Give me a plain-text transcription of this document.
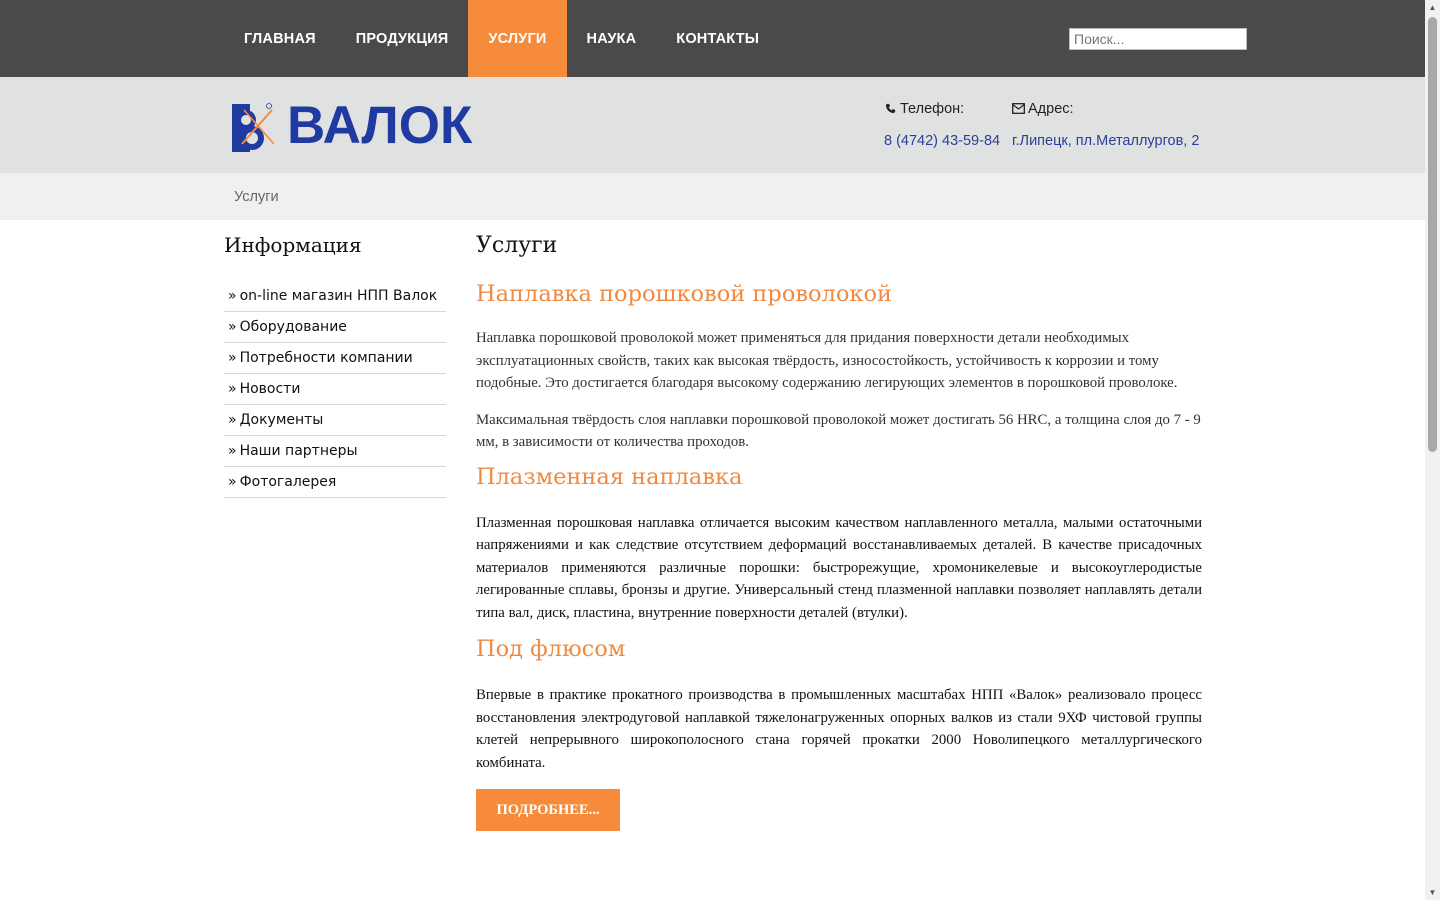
ГЛАВНАЯ	ПРОДУКЦИЯ	УСЛУГИ	НАУКА	КОНТАКТЫ
Поиск...
ВАЛОК	Телефон:
8 (4742) 43-59-84
Адрес:
г.Липецк, пл.Металлургов, 2
Услуги
Информация
» on-line магазин НПП Валок
» Оборудование
» Потребности компании
» Новости
» Документы
» Наши партнеры
» Фотогалерея
Услуги
Наплавка порошковой проволокой

Наплавка порошковой проволокой может применяться для придания поверхности детали необходимых эксплуатационных свойств, таких как высокая твёрдость, износостойкость, устойчивость к коррозии и тому подобные. Это достигается благодаря высокому содержанию легирующих элементов в порошковой проволоке.

Максимальная твёрдость слоя наплавки порошковой проволокой может достигать 56 HRC, а толщина слоя до 7 - 9 мм, в зависимости от количества проходов.

Плазменная наплавка

Плазменная порошковая наплавка отличается высоким качеством наплавленного металла, малыми остаточными напряжениями и как следствие отсутствием деформаций восстанавливаемых деталей. В качестве присадочных материалов применяются различные порошки: быстрорежущие, хромоникелевые и высокоуглеродистые легированные сплавы, бронзы и другие. Универсальный стенд плазменной наплавки позволяет наплавлять детали типа вал, диск, пластина, внутренние поверхности деталей (втулки).

Под флюсом

Впервые в практике прокатного производства в промышленных масштабах НПП «Валок» реализовало процесс восстановления электродуговой наплавкой тяжелонагруженных опорных валков из стали 9ХФ чистовой группы клетей непрерывного широкополосного стана горячей прокатки 2000 Новолипецкого металлургического комбината.

ПОДРОБНЕЕ...
▲
▼
